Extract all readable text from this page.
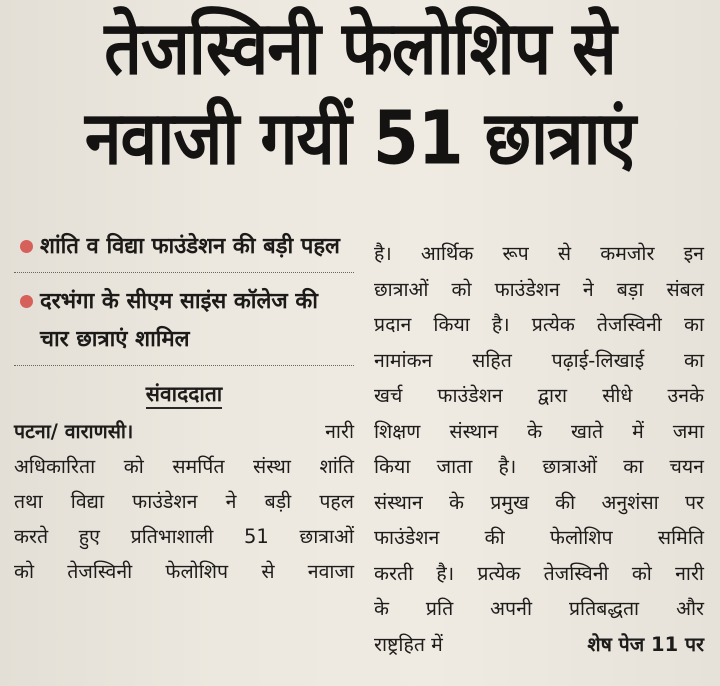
तेजस्विनी फेलोशिप से
नवाजी गयीं 51 छात्राएं
शांति व विद्या फाउंडेशन की बड़ी पहल
दरभंगा के सीएम साइंस कॉलेज की चार छात्राएं शामिल
संवाददाता
पटना/ वाराणसी।	नारी
अधिकारिता को समर्पित संस्था शांति
तथा विद्या फाउंडेशन ने बड़ी पहल
करते हुए प्रतिभाशाली 51 छात्राओं
को तेजस्विनी फेलोशिप से नवाजा
है। आर्थिक रूप से कमजोर इन
छात्राओं को फाउंडेशन ने बड़ा संबल
प्रदान किया है। प्रत्येक तेजस्विनी का
नामांकन सहित पढ़ाई-लिखाई का
खर्च फाउंडेशन द्वारा सीधे उनके
शिक्षण संस्थान के खाते में जमा
किया जाता है। छात्राओं का चयन
संस्थान के प्रमुख की अनुशंसा पर
फाउंडेशन की फेलोशिप समिति
करती है। प्रत्येक तेजस्विनी को नारी
के प्रति अपनी प्रतिबद्धता और
राष्ट्रहित में	शेष पेज 11 पर
